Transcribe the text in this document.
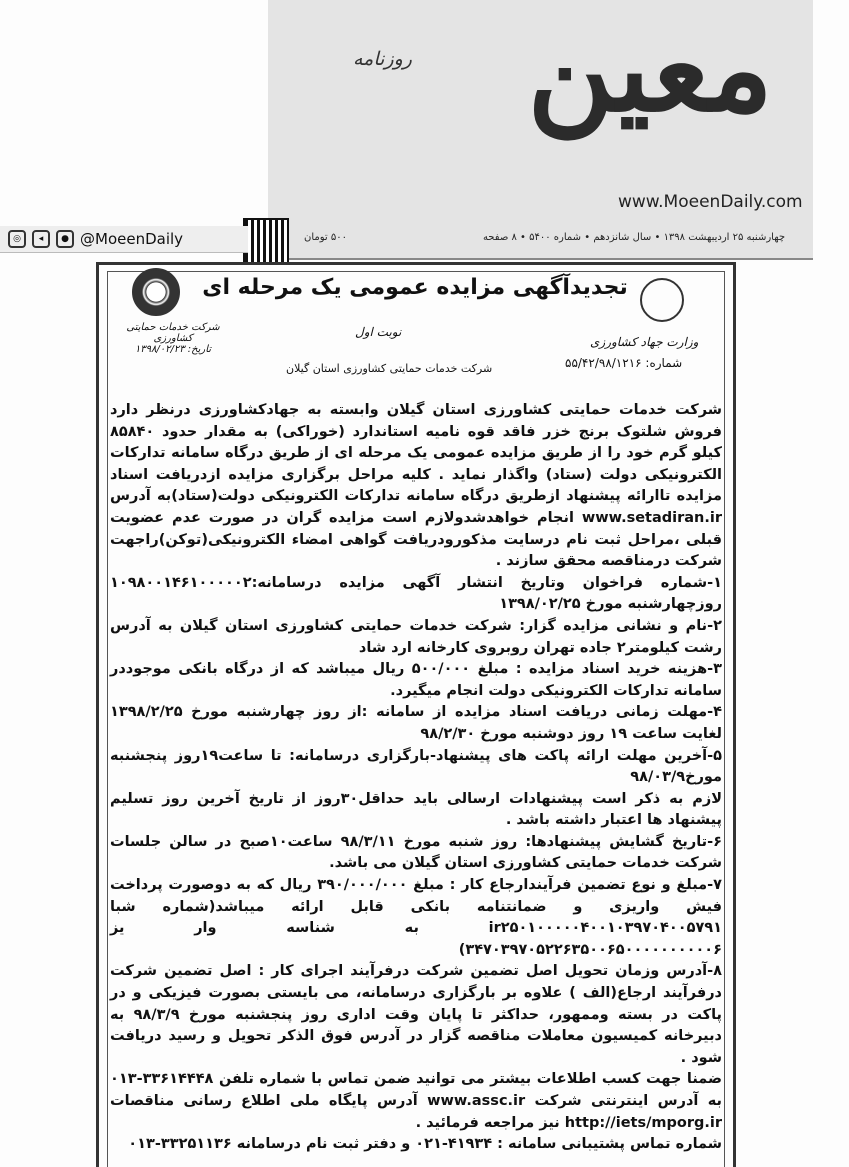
معین
روزنامه
www.MoeenDaily.com
چهارشنبه ۲۵ اردیبهشت ۱۳۹۸ • سال شانزدهم • شماره ۵۴۰۰ • ۸ صفحه
۵۰۰ تومان
◎	◂	● @MoeenDaily
تجدیدآگهی مزایده عمومی یک مرحله ای
نوبت اول
وزارت جهاد کشاورزی
شماره: ۵۵/۴۲/۹۸/۱۲۱۶
شرکت خدمات حمایتی کشاورزی استان گیلان
شرکت خدمات حمایتی کشاورزی
تاریخ: ۱۳۹۸/۰۲/۲۳

شرکت خدمات حمایتی کشاورزی استان گیلان وابسته به جهادکشاورزی درنظر دارد فروش شلتوک برنج خزر فاقد قوه نامیه استاندارد (خوراکی) به مقدار حدود ۸۵۸۴۰ کیلو گرم خود را از طریق مزایده عمومی یک مرحله ای از طریق درگاه سامانه تدارکات الکترونیکی دولت (ستاد) واگذار نماید . کلیه مراحل برگزاری مزایده ازدریافت اسناد مزایده تاارائه پیشنهاد ازطریق درگاه سامانه تدارکات الکترونیکی دولت(ستاد)به آدرس www.setadiran.ir انجام خواهدشدولازم است مزایده گران در صورت عدم عضویت قبلی ،مراحل ثبت نام درسایت مذکورودریافت گواهی امضاء الکترونیکی(توکن)راجهت شرکت درمناقصه محقق سازند .

۱-شماره فراخوان وتاریخ انتشار آگهی مزایده درسامانه:۱۰۹۸۰۰۱۴۶۱۰۰۰۰۰۲ روزچهارشنبه مورخ ۱۳۹۸/۰۲/۲۵

۲-نام و نشانی مزایده گزار: شرکت خدمات حمایتی کشاورزی استان گیلان به آدرس رشت کیلومتر۲ جاده تهران روبروی کارخانه ارد شاد

۳-هزینه خرید اسناد مزایده : مبلغ ۵۰۰/۰۰۰ ریال میباشد که از درگاه بانکی موجوددر سامانه تدارکات الکترونیکی دولت انجام میگیرد.

۴-مهلت زمانی دریافت اسناد مزایده از سامانه :از روز چهارشنبه مورخ ۱۳۹۸/۲/۲۵ لغایت ساعت ۱۹ روز دوشنبه مورخ ۹۸/۲/۳۰

۵-آخرین مهلت ارائه پاکت های پیشنهاد-بارگزاری درسامانه: تا ساعت۱۹روز پنجشنبه مورخ۹۸/۰۳/۹

لازم به ذکر است پیشنهادات ارسالی باید حداقل۳۰روز از تاریخ آخرین روز تسلیم پیشنهاد ها اعتبار داشته باشد .

۶-تاریخ گشایش پیشنهادها: روز شنبه مورخ ۹۸/۳/۱۱ ساعت۱۰صبح در سالن جلسات شرکت خدمات حمایتی کشاورزی استان گیلان می باشد.

۷-مبلغ و نوع تضمین فرآیندارجاع کار : مبلغ ۳۹۰/۰۰۰/۰۰۰ ریال که به دوصورت پرداخت فیش واریزی و ضمانتنامه بانکی قابل ارائه میباشد(شماره شبا ir۲۵۰۱۰۰۰۰۰۴۰۰۱۰۳۹۷۰۴۰۰۵۷۹۱ به شناسه وار یز ۳۴۷۰۳۹۷۰۵۲۲۶۳۵۰۰۶۵۰۰۰۰۰۰۰۰۰۰۶)

۸-آدرس وزمان تحویل اصل تضمین شرکت درفرآیند اجرای کار : اصل تضمین شرکت درفرآیند ارجاع(الف ) علاوه بر بارگزاری درسامانه، می بایستی بصورت فیزیکی و در پاکت در بسته وممهور، حداکثر تا پایان وقت اداری روز پنجشنبه مورخ ۹۸/۳/۹ به دبیرخانه کمیسیون معاملات مناقصه گزار در آدرس فوق الذکر تحویل و رسید دریافت شود .

ضمنا جهت کسب اطلاعات بیشتر می توانید ضمن تماس با شماره تلفن ۳۳۶۱۴۴۴۸-۰۱۳ به آدرس اینترنتی شرکت www.assc.ir آدرس پایگاه ملی اطلاع رسانی مناقصات http://iets/mporg.ir نیز مراجعه فرمائید .

شماره تماس پشتیبانی سامانه : ۴۱۹۳۴-۰۲۱ و دفتر ثبت نام درسامانه ۳۳۲۵۱۱۳۶-۰۱۳
